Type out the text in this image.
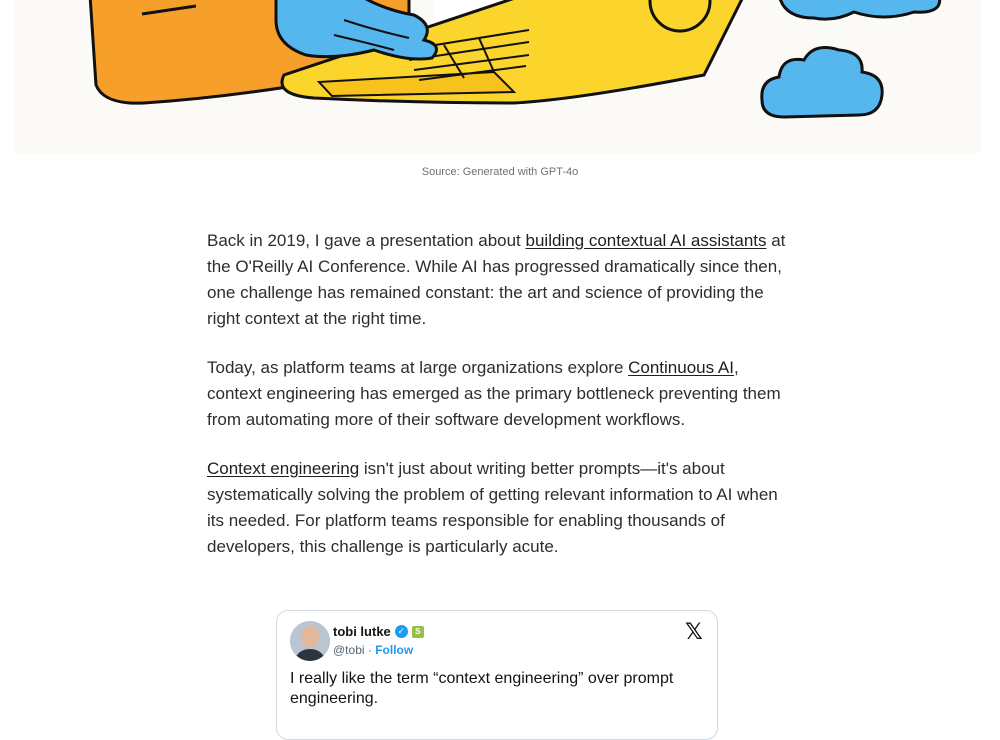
Source: Generated with GPT-4o

Back in 2019, I gave a presentation about building contextual AI assistants at the O'Reilly AI Conference. While AI has progressed dramatically since then, one challenge has remained constant: the art and science of providing the right context at the right time.

Today, as platform teams at large organizations explore Continuous AI, context engineering has emerged as the primary bottleneck preventing them from automating more of their software development workflows.

Context engineering isn't just about writing better prompts—it's about systematically solving the problem of getting relevant information to AI when its needed. For platform teams responsible for enabling thousands of developers, this challenge is particularly acute.

tobi lutke ✓	S
@tobi · Follow
𝕏
I really like the term “context engineering” over prompt engineering.
